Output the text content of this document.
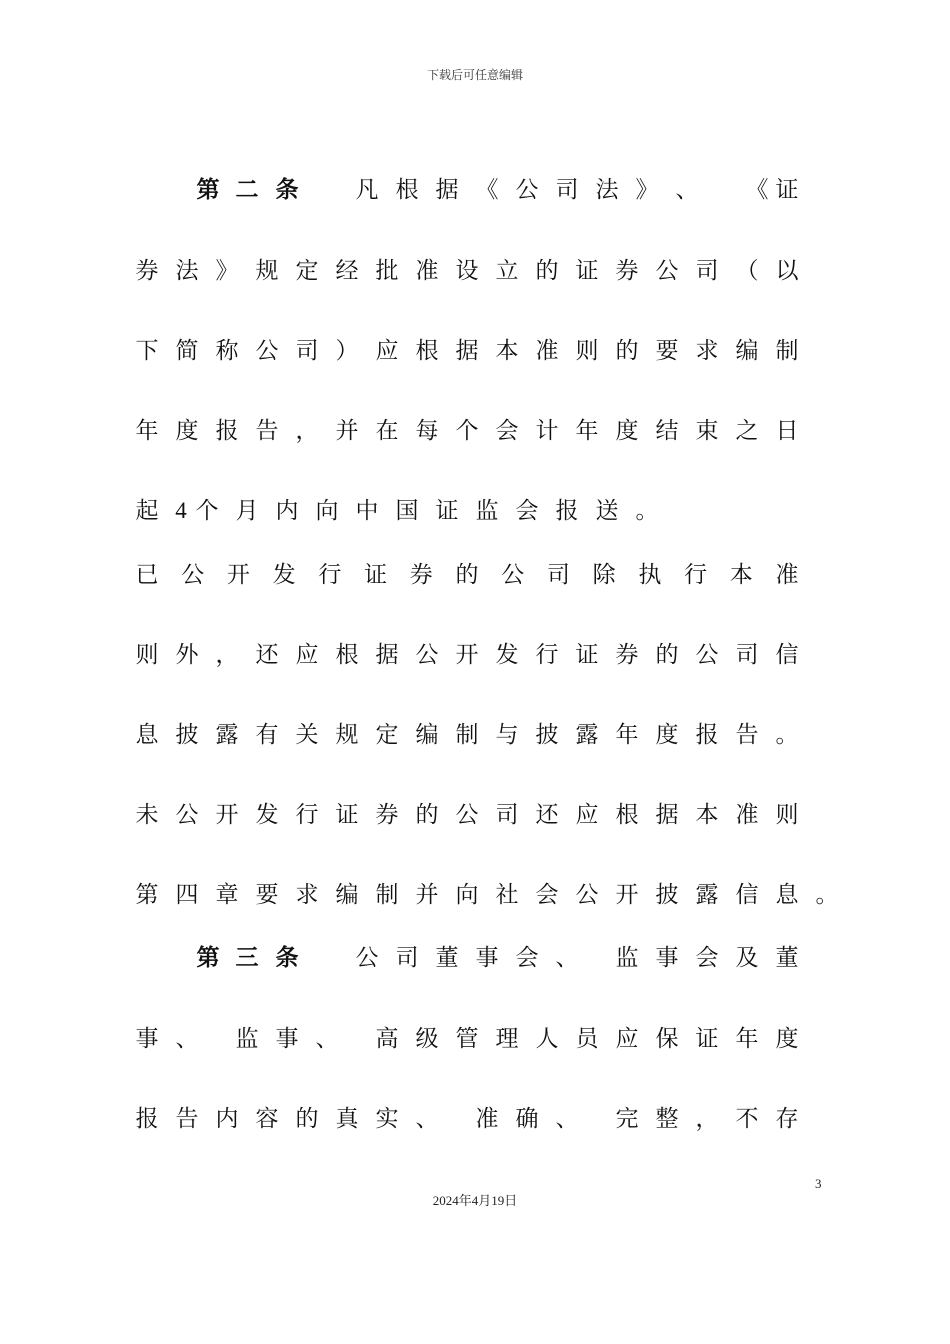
下载后可任意编辑
第 二 条 凡 根 据 《 公 司 法 》 、 《 证
券 法 》 规 定 经 批 准 设 立 的 证 券 公 司 （ 以
下 简 称 公 司 ） 应 根 据 本 准 则 的 要 求 编 制
年 度 报 告 ， 并 在 每 个 会 计 年 度 结 束 之 日
起 4 个 月 内 向 中 国 证 监 会 报 送 。
已 公 开 发 行 证 券 的 公 司 除 执 行 本 准
则 外 ， 还 应 根 据 公 开 发 行 证 券 的 公 司 信
息 披 露 有 关 规 定 编 制 与 披 露 年 度 报 告 。
未 公 开 发 行 证 券 的 公 司 还 应 根 据 本 准 则
第 四 章 要 求 编 制 并 向 社 会 公 开 披 露 信 息 。
第 三 条 公 司 董 事 会 、 监 事 会 及 董
事 、 监 事 、 高 级 管 理 人 员 应 保 证 年 度
报 告 内 容 的 真 实 、 准 确 、 完 整 ， 不 存
3
2024年4月19日
